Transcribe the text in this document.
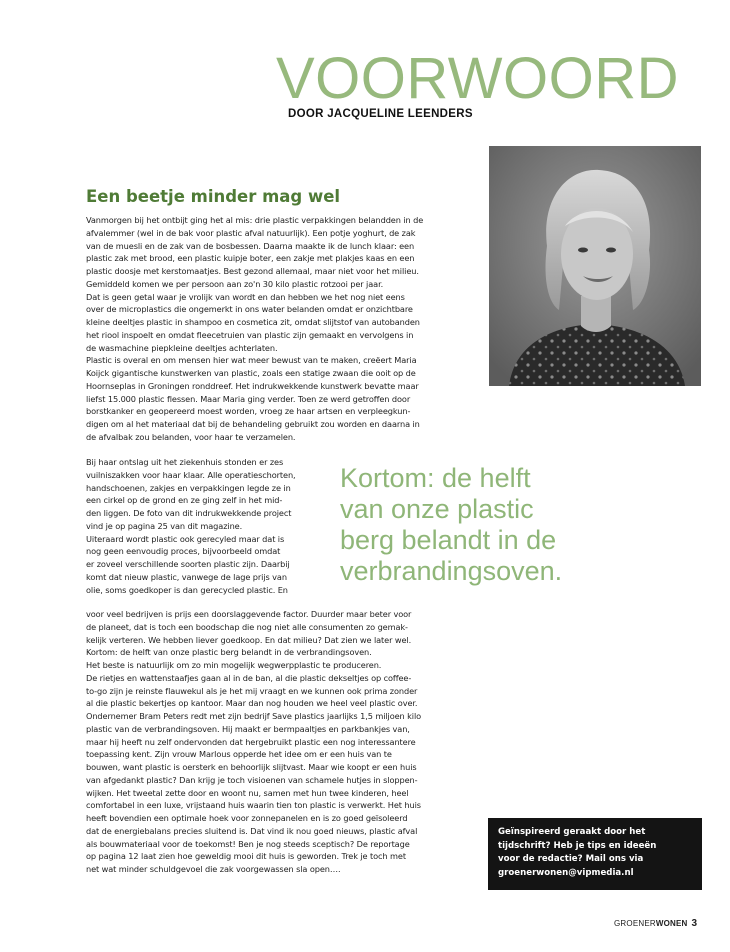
VOORWOORD
DOOR JACQUELINE LEENDERS
Een beetje minder mag wel
Vanmorgen bij het ontbijt ging het al mis: drie plastic verpakkingen belandden in de
afvalemmer (wel in de bak voor plastic afval natuurlijk). Een potje yoghurt, de zak
van de muesli en de zak van de bosbessen. Daarna maakte ik de lunch klaar: een
plastic zak met brood, een plastic kuipje boter, een zakje met plakjes kaas en een
plastic doosje met kerstomaatjes. Best gezond allemaal, maar niet voor het milieu.
Gemiddeld komen we per persoon aan zo'n 30 kilo plastic rotzooi per jaar.
Dat is geen getal waar je vrolijk van wordt en dan hebben we het nog niet eens
over de microplastics die ongemerkt in ons water belanden omdat er onzichtbare
kleine deeltjes plastic in shampoo en cosmetica zit, omdat slijtstof van autobanden
het riool inspoelt en omdat fleecetruien van plastic zijn gemaakt en vervolgens in
de wasmachine piepkleine deeltjes achterlaten.
Plastic is overal en om mensen hier wat meer bewust van te maken, creëert Maria
Koijck gigantische kunstwerken van plastic, zoals een statige zwaan die ooit op de
Hoornseplas in Groningen ronddreef. Het indrukwekkende kunstwerk bevatte maar
liefst 15.000 plastic flessen. Maar Maria ging verder. Toen ze werd getroffen door
borstkanker en geopereerd moest worden, vroeg ze haar artsen en verpleegkun-
digen om al het materiaal dat bij de behandeling gebruikt zou worden en daarna in
de afvalbak zou belanden, voor haar te verzamelen.
Bij haar ontslag uit het ziekenhuis stonden er zes
vuilniszakken voor haar klaar. Alle operatieschorten,
handschoenen, zakjes en verpakkingen legde ze in
een cirkel op de grond en ze ging zelf in het mid-
den liggen. De foto van dit indrukwekkende project
vind je op pagina 25 van dit magazine.
Uiteraard wordt plastic ook gerecyled maar dat is
nog geen eenvoudig proces, bijvoorbeeld omdat
er zoveel verschillende soorten plastic zijn. Daarbij
komt dat nieuw plastic, vanwege de lage prijs van
olie, soms goedkoper is dan gerecycled plastic. En
voor veel bedrijven is prijs een doorslaggevende factor. Duurder maar beter voor
de planeet, dat is toch een boodschap die nog niet alle consumenten zo gemak-
kelijk verteren. We hebben liever goedkoop. En dat milieu? Dat zien we later wel.
Kortom: de helft van onze plastic berg belandt in de verbrandingsoven.
Het beste is natuurlijk om zo min mogelijk wegwerpplastic te produceren.
De rietjes en wattenstaafjes gaan al in de ban, al die plastic dekseltjes op coffee-
to-go zijn je reinste flauwekul als je het mij vraagt en we kunnen ook prima zonder
al die plastic bekertjes op kantoor. Maar dan nog houden we heel veel plastic over.
Ondernemer Bram Peters redt met zijn bedrijf Save plastics jaarlijks 1,5 miljoen kilo
plastic van de verbrandingsoven. Hij maakt er bermpaaltjes en parkbankjes van,
maar hij heeft nu zelf ondervonden dat hergebruikt plastic een nog interessantere
toepassing kent. Zijn vrouw Marlous opperde het idee om er een huis van te
bouwen, want plastic is oersterk en behoorlijk slijtvast. Maar wie koopt er een huis
van afgedankt plastic? Dan krijg je toch visioenen van schamele hutjes in sloppen-
wijken. Het tweetal zette door en woont nu, samen met hun twee kinderen, heel
comfortabel in een luxe, vrijstaand huis waarin tien ton plastic is verwerkt. Het huis
heeft bovendien een optimale hoek voor zonnepanelen en is zo goed geïsoleerd
dat de energiebalans precies sluitend is. Dat vind ik nou goed nieuws, plastic afval
als bouwmateriaal voor de toekomst! Ben je nog steeds sceptisch? De reportage
op pagina 12 laat zien hoe geweldig mooi dit huis is geworden. Trek je toch met
net wat minder schuldgevoel die zak voorgewassen sla open….
Kortom: de helft
van onze plastic
berg belandt in de
verbrandingsoven.
Geïnspireerd geraakt door het
tijdschrift? Heb je tips en ideeën
voor de redactie? Mail ons via
groenerwonen@vipmedia.nl
GROENERWONEN 3
